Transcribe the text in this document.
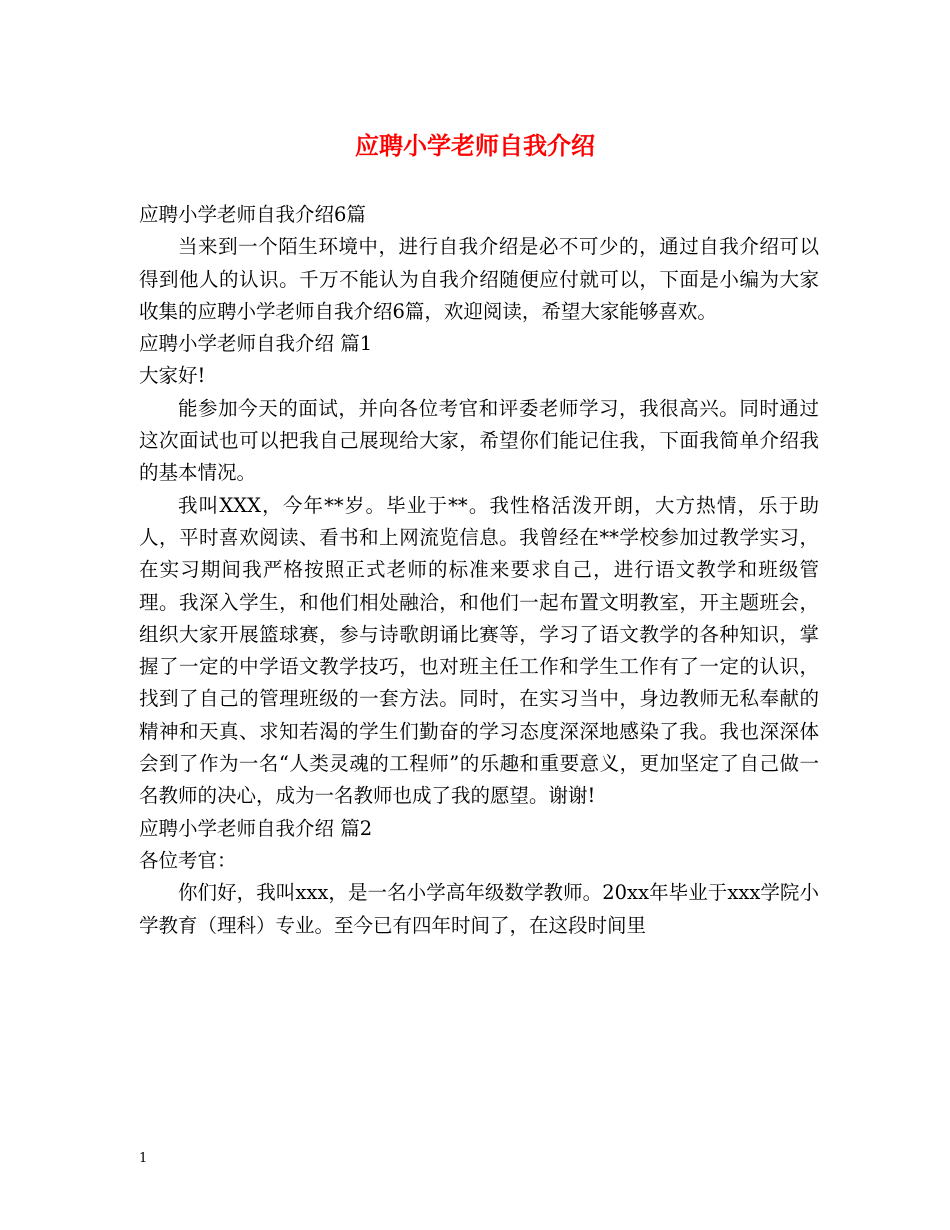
应聘小学老师自我介绍

应聘小学老师自我介绍6篇

当来到一个陌生环境中，进行自我介绍是必不可少的，通过自我介绍可以得到他人的认识。千万不能认为自我介绍随便应付就可以，下面是小编为大家收集的应聘小学老师自我介绍6篇，欢迎阅读，希望大家能够喜欢。

应聘小学老师自我介绍 篇1

大家好!

能参加今天的面试，并向各位考官和评委老师学习，我很高兴。同时通过这次面试也可以把我自己展现给大家，希望你们能记住我，下面我简单介绍我的基本情况。

我叫XXX，今年**岁。毕业于**。我性格活泼开朗，大方热情，乐于助人，平时喜欢阅读、看书和上网流览信息。我曾经在**学校参加过教学实习，在实习期间我严格按照正式老师的标准来要求自己，进行语文教学和班级管理。我深入学生，和他们相处融洽，和他们一起布置文明教室，开主题班会，组织大家开展篮球赛，参与诗歌朗诵比赛等，学习了语文教学的各种知识，掌握了一定的中学语文教学技巧，也对班主任工作和学生工作有了一定的认识，找到了自己的管理班级的一套方法。同时，在实习当中，身边教师无私奉献的精神和天真、求知若渴的学生们勤奋的学习态度深深地感染了我。我也深深体会到了作为一名“人类灵魂的工程师”的乐趣和重要意义，更加坚定了自己做一名教师的决心，成为一名教师也成了我的愿望。谢谢!

应聘小学老师自我介绍 篇2

各位考官：

你们好，我叫xxx，是一名小学高年级数学教师。20xx年毕业于xxx学院小学教育（理科）专业。至今已有四年时间了，在这段时间里

1
